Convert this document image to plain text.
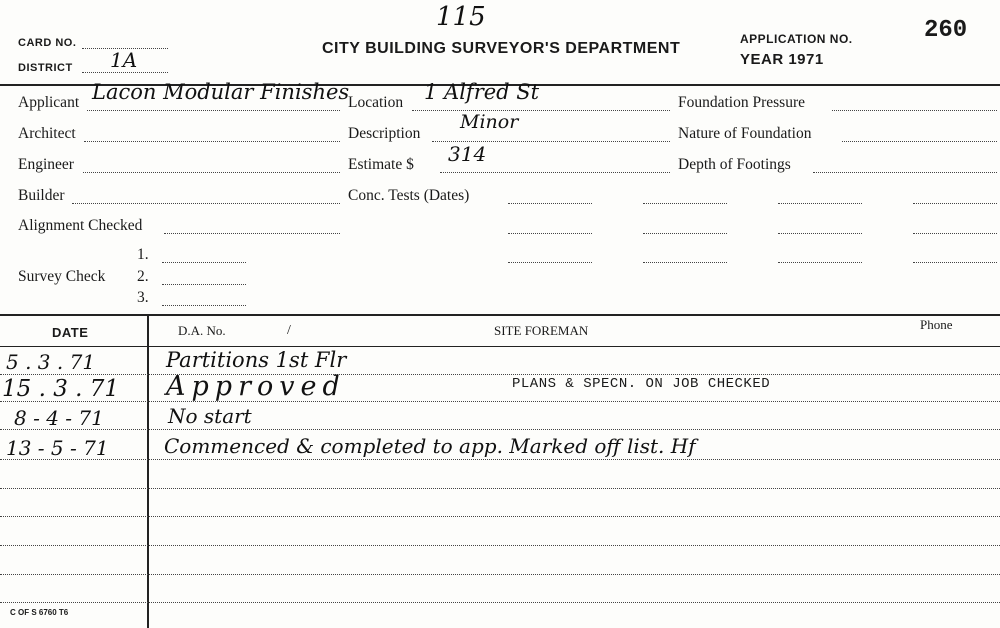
115
CARD NO.
DISTRICT 1A	CITY BUILDING SURVEYOR'S DEPARTMENT
APPLICATION NO.
YEAR 1971
260
Applicant Lacon Modular Finishes
Architect
Engineer
Builder
Alignment Checked
Survey Check
1.
2.
3.
Location 1 Alfred St
Description
Minor
Estimate $ 314
Conc. Tests (Dates)
Foundation Pressure
Nature of Foundation
Depth of Footings
DATE	D.A. No.	/	SITE FOREMAN	Phone
5 . 3 . 71	Partitions 1st Flr
15 . 3 . 71 Approved	PLANS & SPECN. ON JOB CHECKED
8 - 4 - 71	No start
13 - 5 - 71	Commenced & completed to app. Marked off list. Hf
C OF S 6760 T6
